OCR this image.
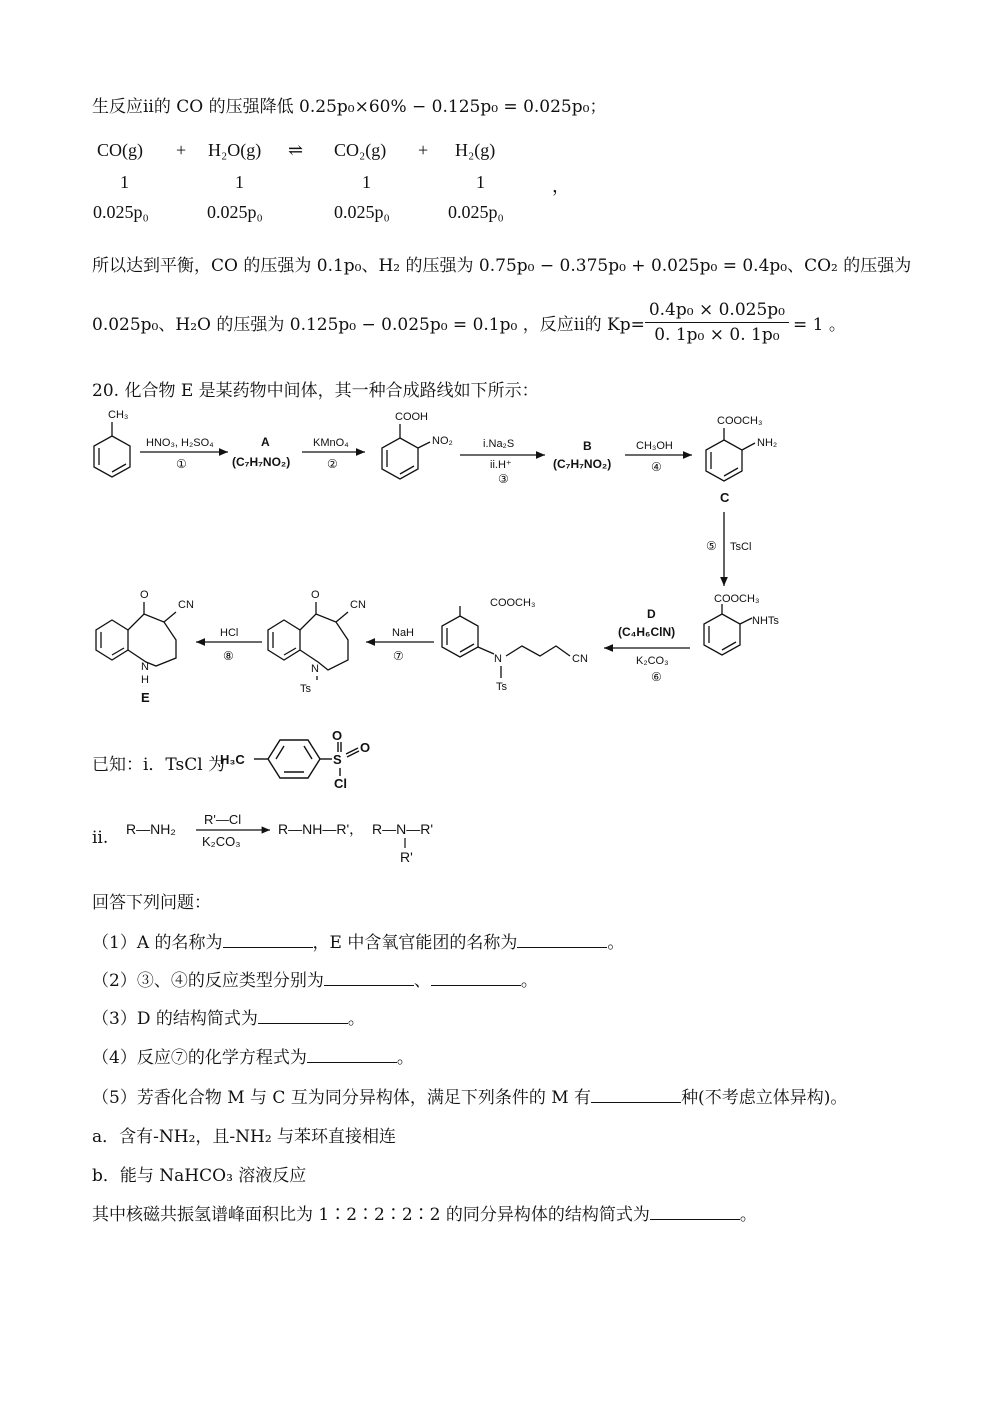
生反应ii的 CO 的压强降低 0.25p₀×60% − 0.125p₀ = 0.025p₀；
CO(g) + H₂O(g) ⇌ CO₂(g) + H₂(g)
1	1	1	1	，
0.025p₀	0.025p₀	0.025p₀	0.025p₀
所以达到平衡，CO 的压强为 0.1p₀、H₂ 的压强为 0.75p₀ − 0.375p₀ + 0.025p₀ = 0.4p₀、CO₂ 的压强为
0.025p₀、H₂O 的压强为 0.125p₀ − 0.025p₀ = 0.1p₀ ，反应ii的 $Kp= \frac{\text{0.4p₀ × 0.025p₀}}{\text{0. 1p₀ × 0. 1p₀}} = 1$ 。
20. 化合物 E 是某药物中间体，其一种合成路线如下所示：
CH₃
HNO₃, H₂SO₄
①
A
(C₇H₇NO₂)
KMnO₄
②
COOH
NO₂	i.Na₂S
ii.H⁺
③
B
(C₇H₇NO₂)
CH₃OH
④
COOCH₃
NH₂
C
⑤ TsCl
COOCH₃
NHTs
D
(C₄H₆ClN)
K₂CO₃
⑥
COOCH₃
N
Ts
CN
NaH
⑦
O
CN
N
Ts
HCl
⑧
O
CN
N
H
E
已知：i．TsCl 为
H₃C	S
O
O
Cl
ii. R—NH₂
R'—Cl
K₂CO₃
R—NH—R'， R—N—R'
R'
回答下列问题：
（1）A 的名称为	，E 中含氧官能团的名称为	。
（2）③、④的反应类型分别为	、	。
（3）D 的结构简式为	。
（4）反应⑦的化学方程式为	。
（5）芳香化合物 M 与 C 互为同分异构体，满足下列条件的 M 有	种(不考虑立体异构)。
a．含有-NH₂，且-NH₂ 与苯环直接相连
b．能与 NaHCO₃ 溶液反应
其中核磁共振氢谱峰面积比为 1∶2∶2∶2∶2 的同分异构体的结构简式为	。
